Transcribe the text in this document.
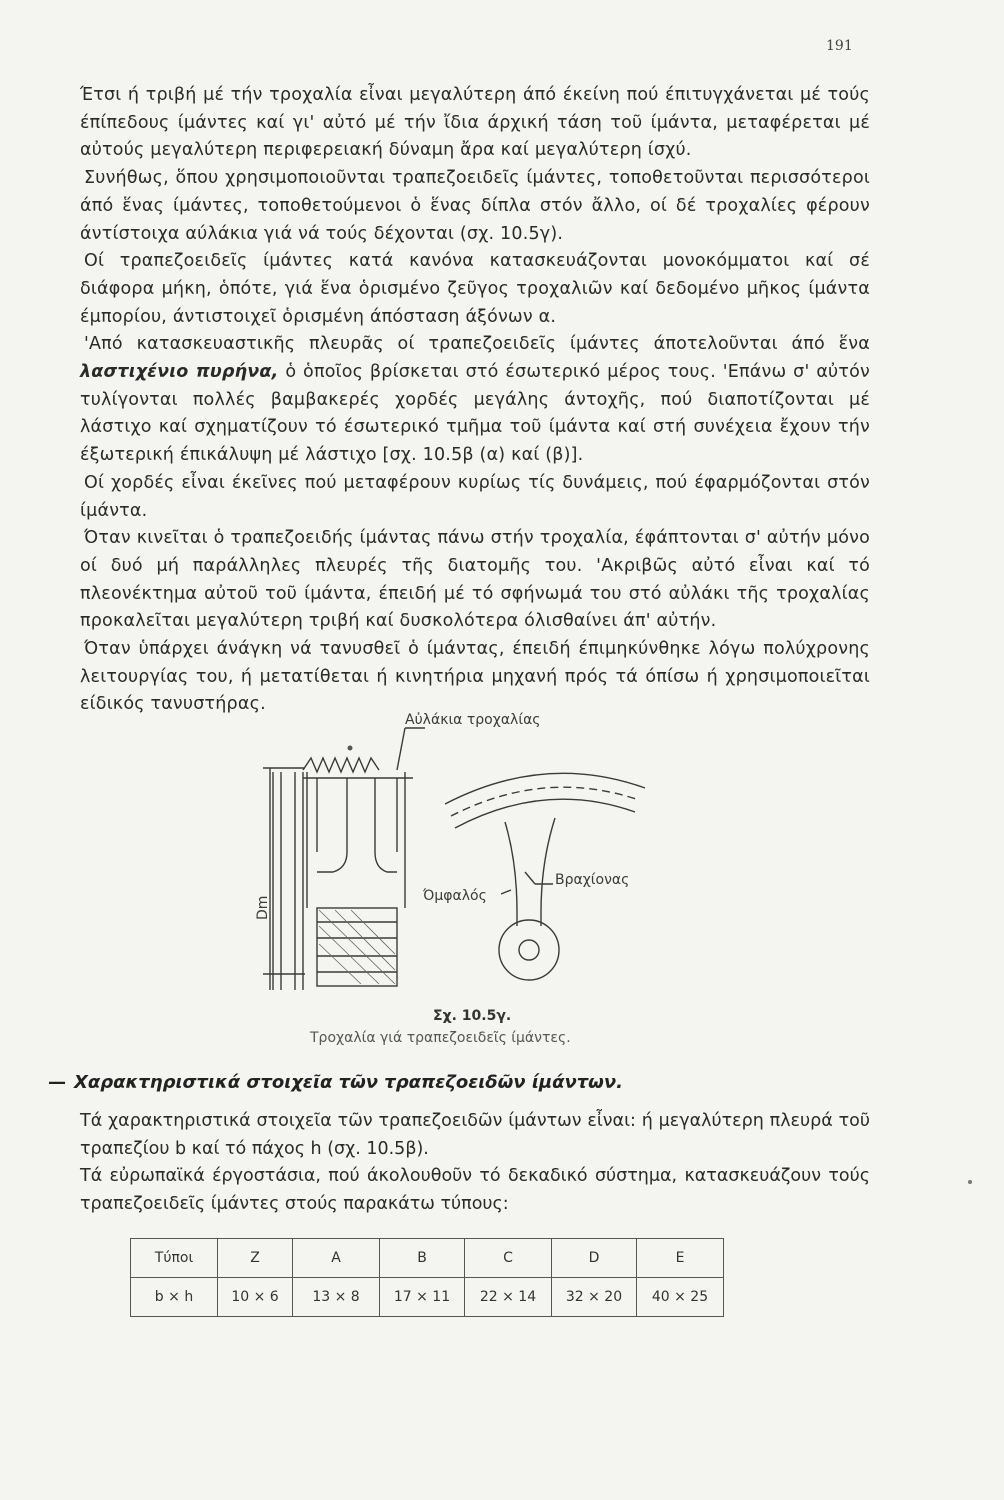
191

Έτσι ή τριβή μέ τήν τροχαλία εἶναι μεγαλύτερη άπό έκείνη πού έπιτυγχάνεται μέ τούς έπίπεδους ίμάντες καί γι' αὐτό μέ τήν ἴδια άρχική τάση τοῦ ίμάντα, μεταφέρεται μέ αὐτούς μεγαλύτερη περιφερειακή δύναμη ἄρα καί μεγαλύτερη ίσχύ.

Συνήθως, ὅπου χρησιμοποιοῦνται τραπεζοειδεῖς ίμάντες, τοποθετοῦνται περισσότεροι άπό ἕνας ίμάντες, τοποθετούμενοι ὁ ἕνας δίπλα στόν ἄλλο, οί δέ τροχαλίες φέρουν άντίστοιχα αύλάκια γιά νά τούς δέχονται (σχ. 10.5γ).

Οί τραπεζοειδεῖς ίμάντες κατά κανόνα κατασκευάζονται μονοκόμματοι καί σέ διάφορα μήκη, ὁπότε, γιά ἕνα ὁρισμένο ζεῦγος τροχαλιῶν καί δεδομένο μῆκος ίμάντα έμπορίου, άντιστοιχεῖ ὁρισμένη άπόσταση άξόνων α.

'Από κατασκευαστικῆς πλευρᾶς οί τραπεζοειδεῖς ίμάντες άποτελοῦνται άπό ἕνα λαστιχένιο πυρήνα, ὁ ὁποῖος βρίσκεται στό έσωτερικό μέρος τους. 'Επάνω σ' αὐτόν τυλίγονται πολλές βαμβακερές χορδές μεγάλης άντοχῆς, πού διαποτίζονται μέ λάστιχο καί σχηματίζουν τό έσωτερικό τμῆμα τοῦ ίμάντα καί στή συνέχεια ἔχουν τήν έξωτερική έπικάλυψη μέ λάστιχο [σχ. 10.5β (α) καί (β)].

Οί χορδές εἶναι έκεῖνες πού μεταφέρουν κυρίως τίς δυνάμεις, πού έφαρμόζονται στόν ίμάντα.

Όταν κινεῖται ὁ τραπεζοειδής ίμάντας πάνω στήν τροχαλία, έφάπτονται σ' αὐτήν μόνο οί δυό μή παράλληλες πλευρές τῆς διατομῆς του. 'Ακριβῶς αὐτό εἶναι καί τό πλεονέκτημα αὐτοῦ τοῦ ίμάντα, έπειδή μέ τό σφήνωμά του στό αὐλάκι τῆς τροχαλίας προκαλεῖται μεγαλύτερη τριβή καί δυσκολότερα όλισθαίνει άπ' αὐτήν.

Όταν ὑπάρχει άνάγκη νά τανυσθεῖ ὁ ίμάντας, έπειδή έπιμηκύνθηκε λόγω πολύχρονης λειτουργίας του, ή μετατίθεται ή κινητήρια μηχανή πρός τά όπίσω ή χρησιμοποιεῖται είδικός τανυστήρας.

Αὐλάκια τροχαλίας
Βραχίονας
Όμφαλός
Dm
Σχ. 10.5γ.
Τροχαλία γιά τραπεζοειδεῖς ίμάντες.
— Χαρακτηριστικά στοιχεῖα τῶν τραπεζοειδῶν ίμάντων.

Τά χαρακτηριστικά στοιχεῖα τῶν τραπεζοειδῶν ίμάντων εἶναι: ή μεγαλύτερη πλευρά τοῦ τραπεζίου b καί τό πάχος h (σχ. 10.5β).

Τά εὐρωπαϊκά έργοστάσια, πού άκολουθοῦν τό δεκαδικό σύστημα, κατασκευάζουν τούς τραπεζοειδεῖς ίμάντες στούς παρακάτω τύπους:

Τύποι	Z	A	B	C	D	E
b × h	10 × 6	13 × 8	17 × 11	22 × 14	32 × 20	40 × 25
